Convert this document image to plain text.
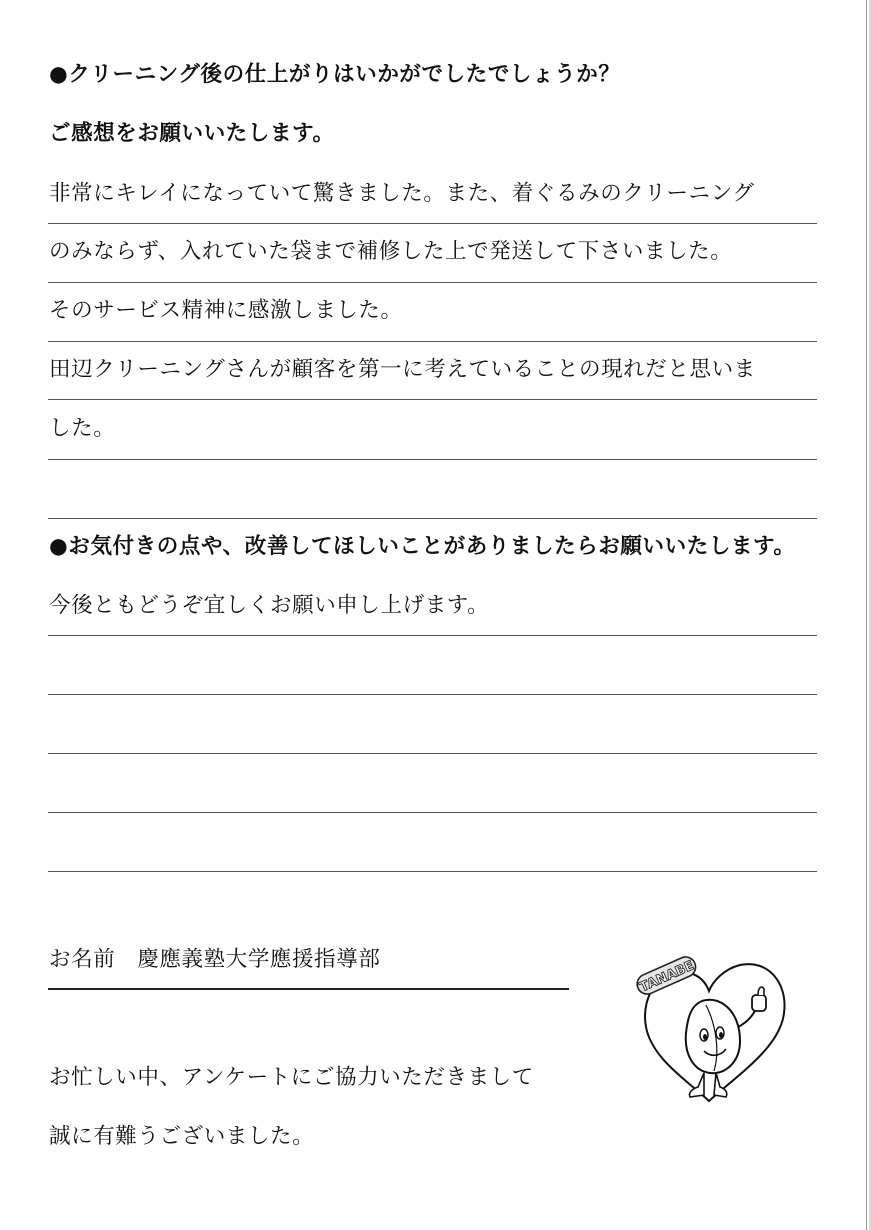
●クリーニング後の仕上がりはいかがでしたでしょうか？
ご感想をお願いいたします。
非常にキレイになっていて驚きました。また、着ぐるみのクリーニング
のみならず、入れていた袋まで補修した上で発送して下さいました。
そのサービス精神に感激しました。
田辺クリーニングさんが顧客を第一に考えていることの現れだと思いま
した。
●お気付きの点や、改善してほしいことがありましたらお願いいたします。
今後ともどうぞ宜しくお願い申し上げます。
お名前 慶應義塾大学應援指導部
お忙しい中、アンケートにご協力いただきまして
誠に有難うございました。
TANABE
